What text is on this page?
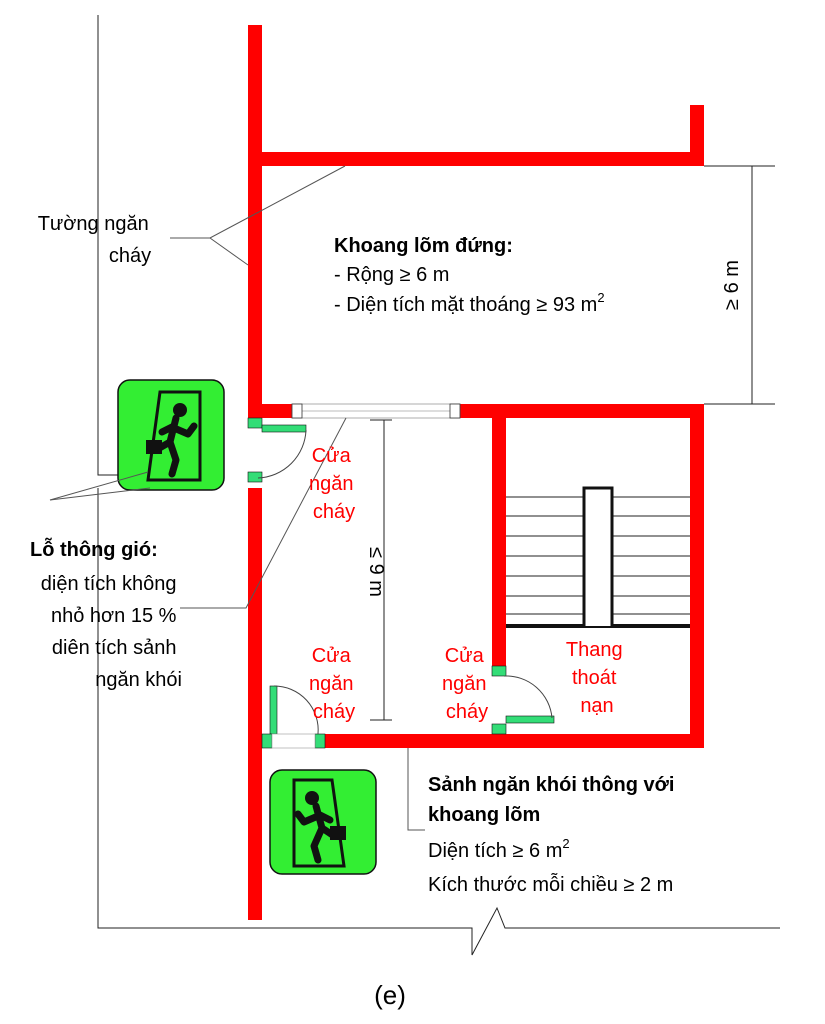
Tường ngăn cháy	Khoang lõm đứng:
- Rộng ≥ 6 m
- Diện tích mặt thoáng ≥ 93 $m^2$	≥ 6 m
≤ 9 m
Lỗ thông gió:
diện tích không nhỏ hơn 15 % diên tích sảnh ngăn khói
Cửa ngăn cháy
Cửa ngăn cháy
Cửa ngăn cháy
Thang thoát nạn
Sảnh ngăn khói thông với khoang lõm
Diện tích ≥ 6 $m^2$
Kích thước mỗi chiều ≥ 2 m
(e)
